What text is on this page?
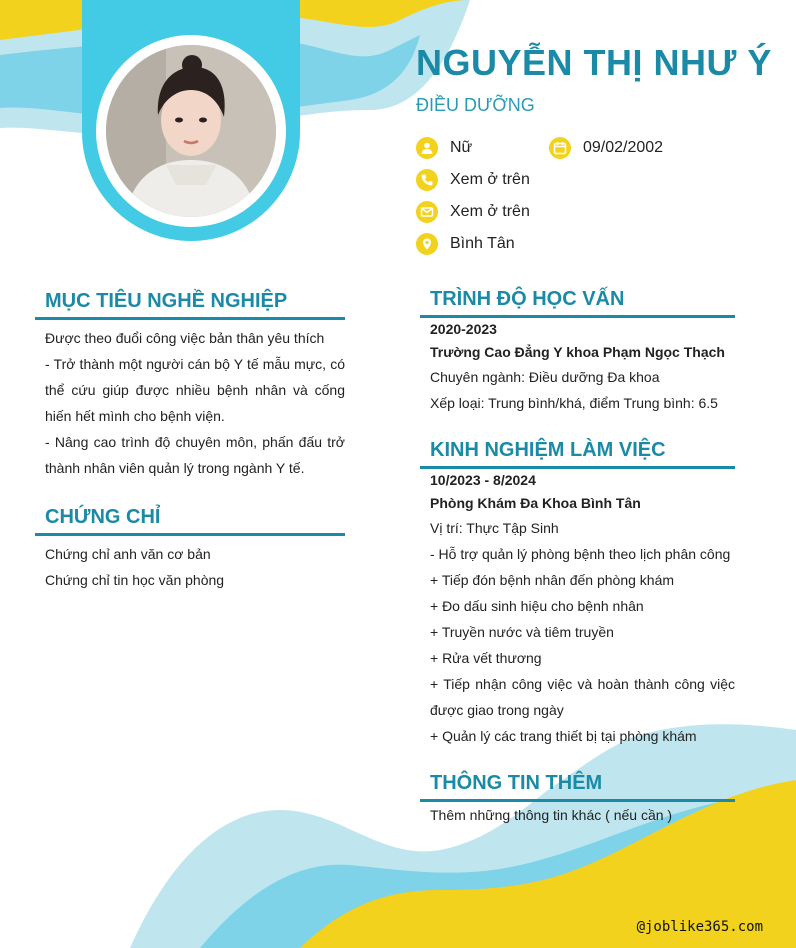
NGUYỄN THỊ NHƯ Ý
ĐIỀU DƯỠNG
Nữ	09/02/2002
Xem ở trên
Xem ở trên
Bình Tân
MỤC TIÊU NGHỀ NGHIỆP

Được theo đuổi công việc bản thân yêu thích

- Trở thành một người cán bộ Y tế mẫu mực, có thể cứu giúp được nhiều bệnh nhân và cống hiến hết mình cho bệnh viện.

- Nâng cao trình độ chuyên môn, phấn đấu trở thành nhân viên quản lý trong ngành Y tế.

CHỨNG CHỈ

Chứng chỉ anh văn cơ bản

Chứng chỉ tin học văn phòng

TRÌNH ĐỘ HỌC VẤN

2020-2023

Trường Cao Đẳng Y khoa Phạm Ngọc Thạch

Chuyên ngành: Điều dưỡng Đa khoa

Xếp loại: Trung bình/khá, điểm Trung bình: 6.5

KINH NGHIỆM LÀM VIỆC

10/2023 - 8/2024

Phòng Khám Đa Khoa Bình Tân

Vị trí: Thực Tập Sinh

- Hỗ trợ quản lý phòng bệnh theo lịch phân công

+ Tiếp đón bệnh nhân đến phòng khám

+ Đo dấu sinh hiệu cho bệnh nhân

+ Truyền nước và tiêm truyền

+ Rửa vết thương

+ Tiếp nhận công việc và hoàn thành công việc được giao trong ngày

+ Quản lý các trang thiết bị tại phòng khám

THÔNG TIN THÊM

Thêm những thông tin khác ( nếu cần )

@joblike365.com
